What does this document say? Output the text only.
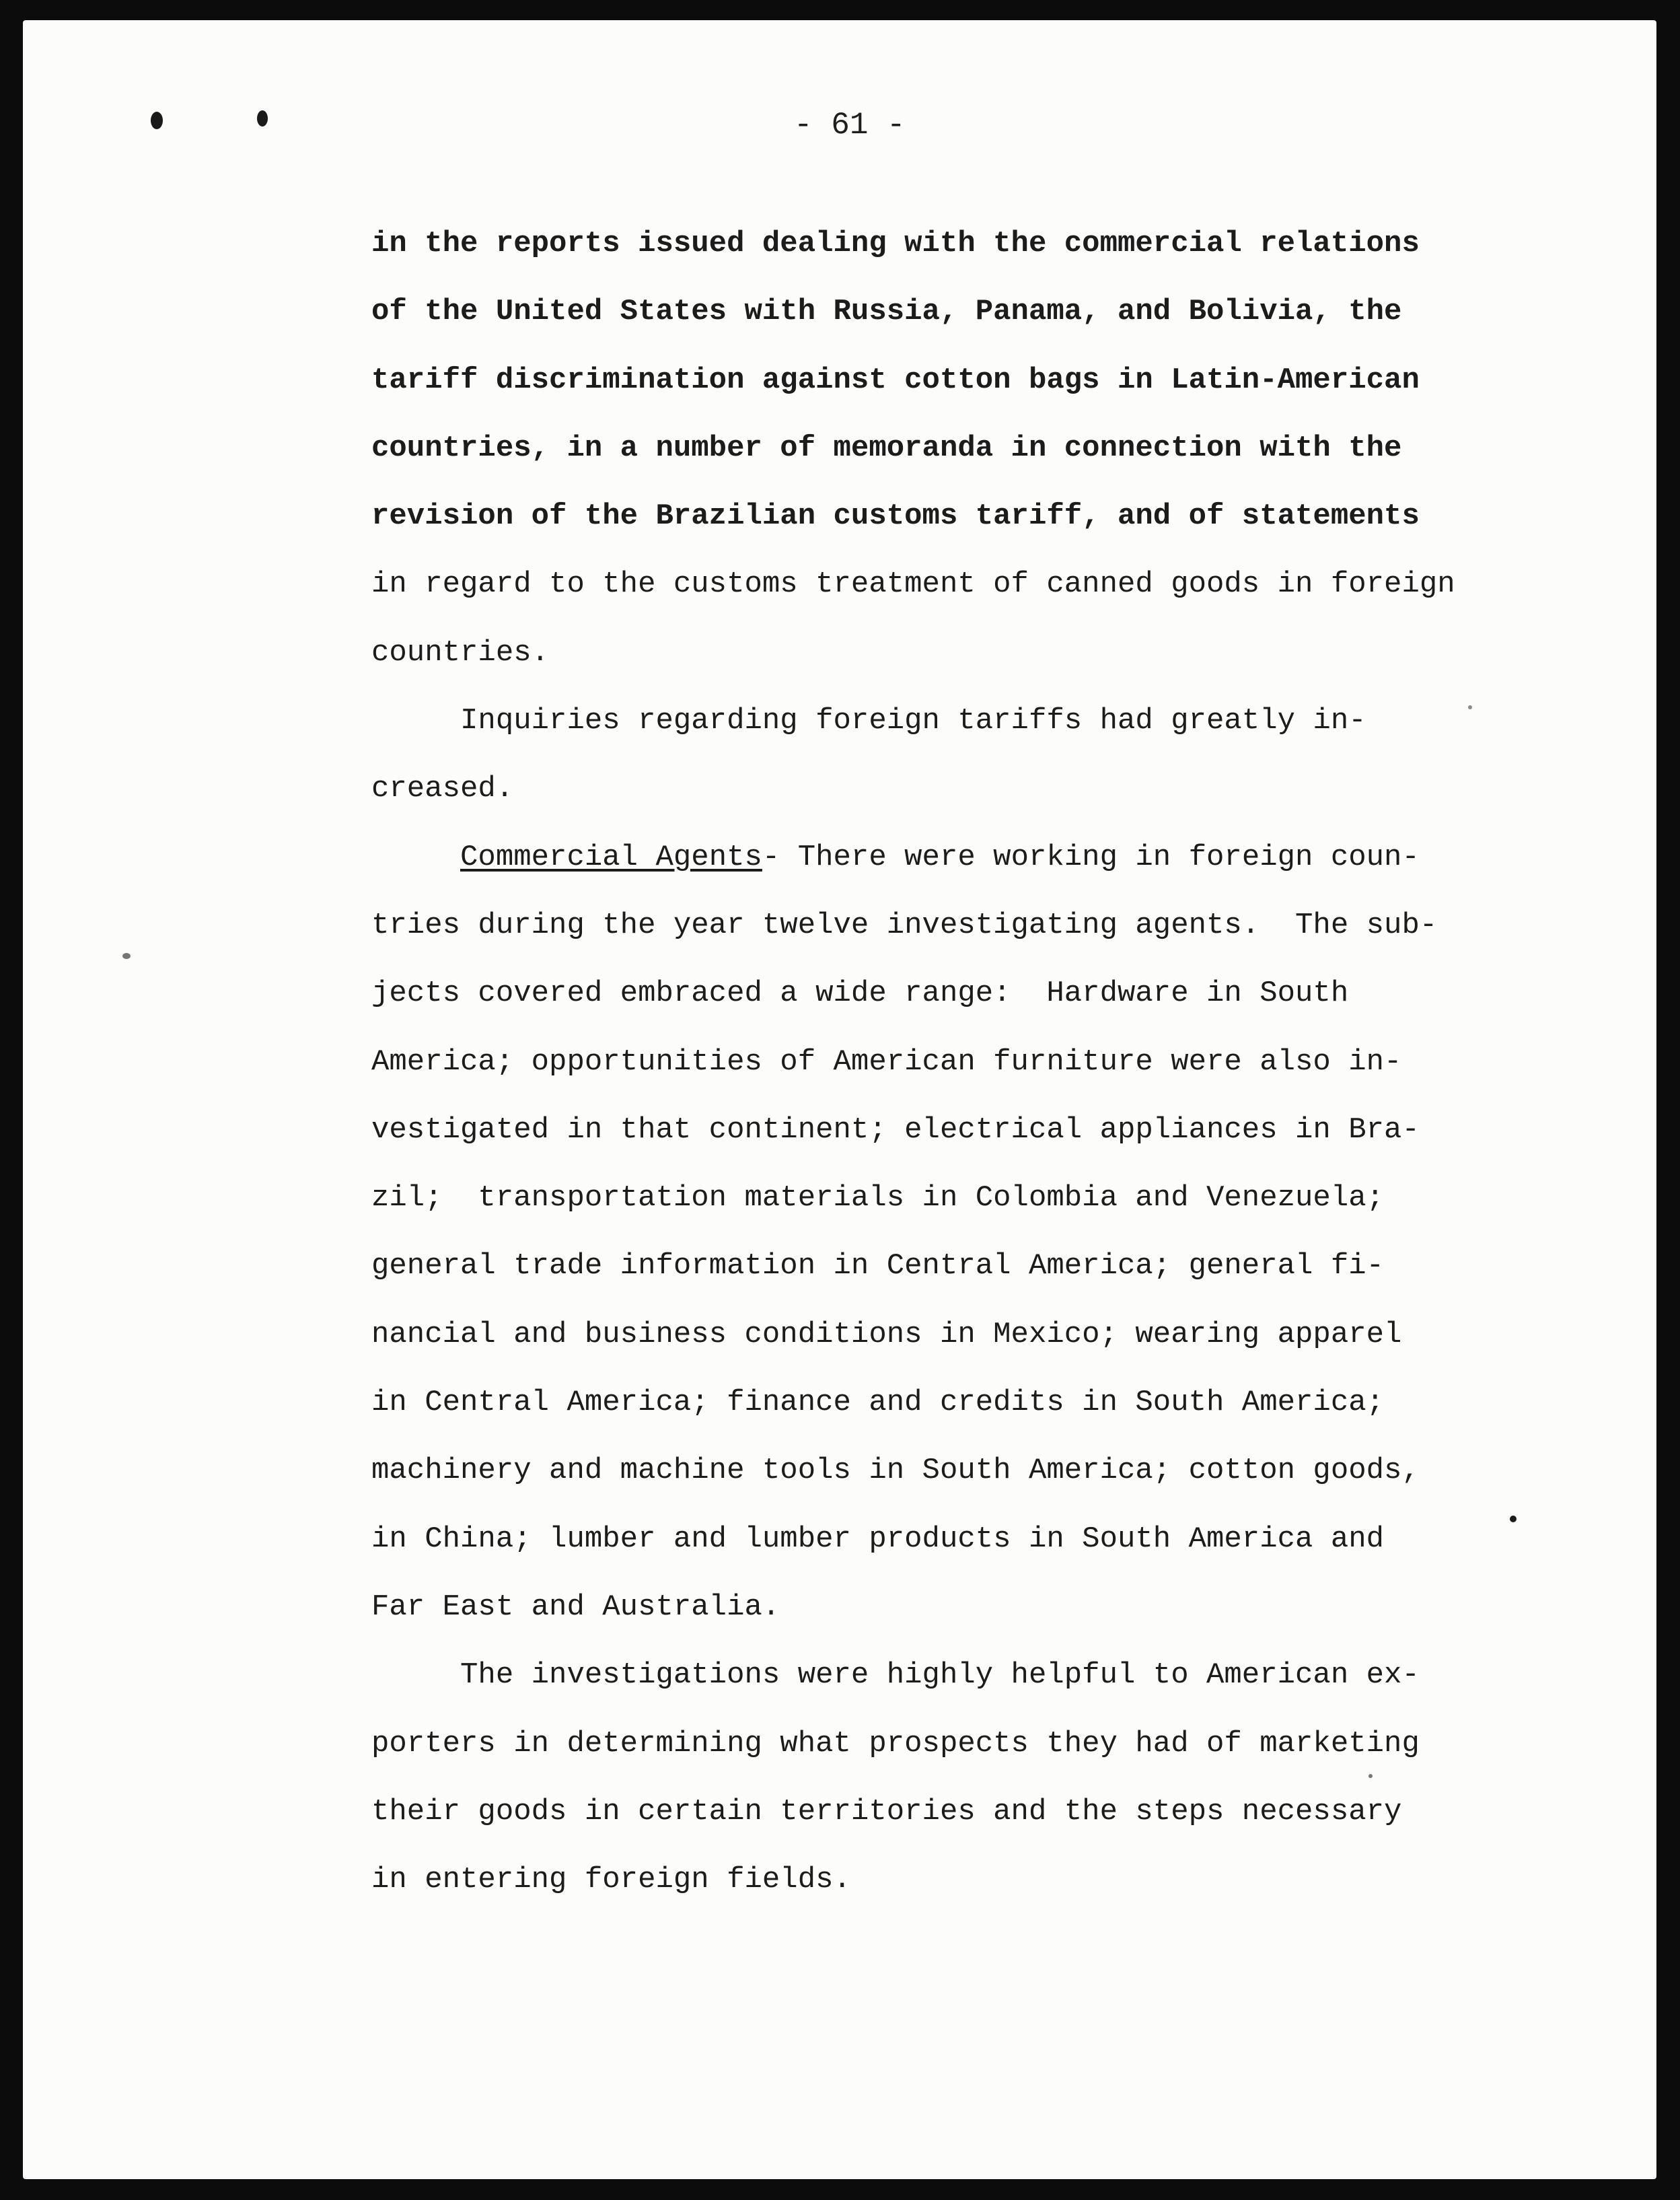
- 61 -
in the reports issued dealing with the commercial relations
of the United States with Russia, Panama, and Bolivia, the
tariff discrimination against cotton bags in Latin-American
countries, in a number of memoranda in connection with the
revision of the Brazilian customs tariff, and of statements
in regard to the customs treatment of canned goods in foreign
countries.
Inquiries regarding foreign tariffs had greatly in-
creased.
Commercial Agents- There were working in foreign coun-
tries during the year twelve investigating agents.  The sub-
jects covered embraced a wide range:  Hardware in South
America; opportunities of American furniture were also in-
vestigated in that continent; electrical appliances in Bra-
zil;  transportation materials in Colombia and Venezuela;
general trade information in Central America; general fi-
nancial and business conditions in Mexico; wearing apparel
in Central America; finance and credits in South America;
machinery and machine tools in South America; cotton goods,
in China; lumber and lumber products in South America and
Far East and Australia.
The investigations were highly helpful to American ex-
porters in determining what prospects they had of marketing
their goods in certain territories and the steps necessary
in entering foreign fields.
